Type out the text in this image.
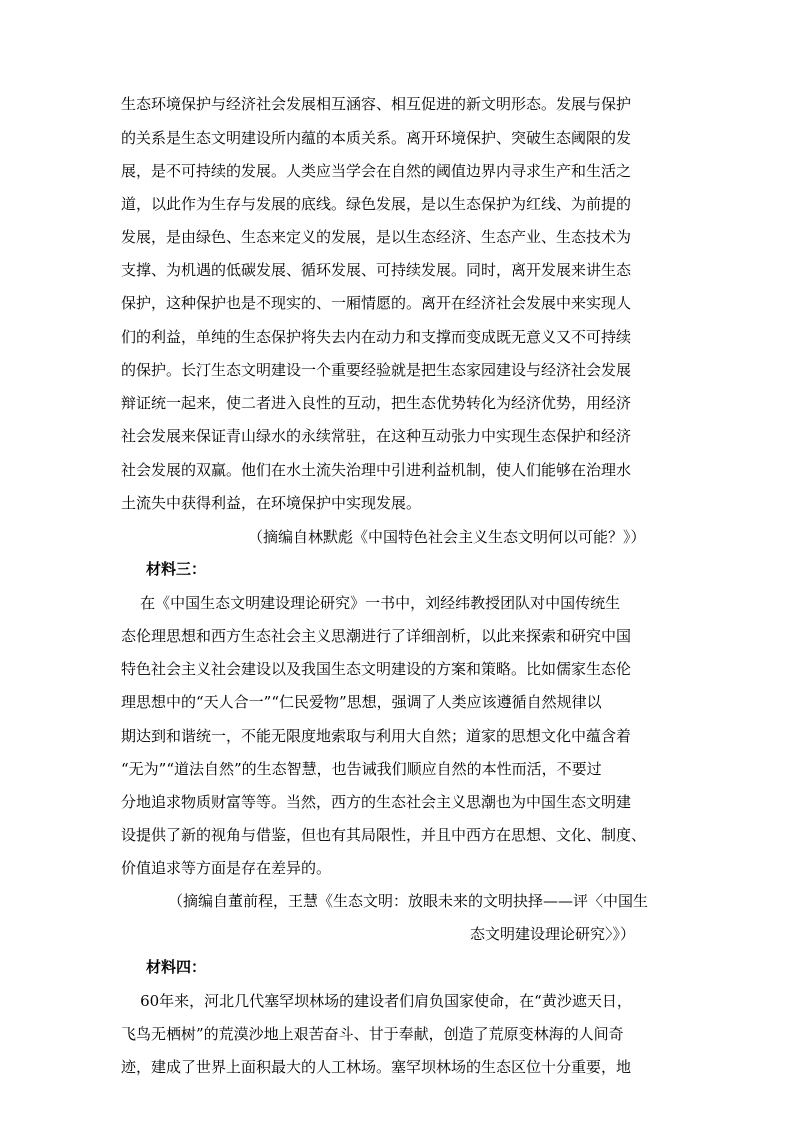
生态环境保护与经济社会发展相互涵容、相互促进的新文明形态。发展与保护
的关系是生态文明建设所内蕴的本质关系。离开环境保护、突破生态阈限的发
展，是不可持续的发展。人类应当学会在自然的阈值边界内寻求生产和生活之
道，以此作为生存与发展的底线。绿色发展，是以生态保护为红线、为前提的
发展，是由绿色、生态来定义的发展，是以生态经济、生态产业、生态技术为
支撑、为机遇的低碳发展、循环发展、可持续发展。同时，离开发展来讲生态
保护，这种保护也是不现实的、一厢情愿的。离开在经济社会发展中来实现人
们的利益，单纯的生态保护将失去内在动力和支撑而变成既无意义又不可持续
的保护。长汀生态文明建设一个重要经验就是把生态家园建设与经济社会发展
辩证统一起来，使二者进入良性的互动，把生态优势转化为经济优势，用经济
社会发展来保证青山绿水的永续常驻，在这种互动张力中实现生态保护和经济
社会发展的双赢。他们在水土流失治理中引进利益机制，使人们能够在治理水
土流失中获得利益，在环境保护中实现发展。
（摘编自林默彪《中国特色社会主义生态文明何以可能？》）
材料三：
在《中国生态文明建设理论研究》一书中，刘经纬教授团队对中国传统生
态伦理思想和西方生态社会主义思潮进行了详细剖析，以此来探索和研究中国
特色社会主义社会建设以及我国生态文明建设的方案和策略。比如儒家生态伦
理思想中的“天人合一”“仁民爱物”思想，强调了人类应该遵循自然规律以
期达到和谐统一，不能无限度地索取与利用大自然；道家的思想文化中蕴含着
“无为”“道法自然”的生态智慧，也告诫我们顺应自然的本性而活，不要过
分地追求物质财富等等。当然，西方的生态社会主义思潮也为中国生态文明建
设提供了新的视角与借鉴，但也有其局限性，并且中西方在思想、文化、制度、
价值追求等方面是存在差异的。
（摘编自董前程，王慧《生态文明：放眼未来的文明抉择——评〈中国生
态文明建设理论研究〉》）
材料四：
60年来，河北几代塞罕坝林场的建设者们肩负国家使命，在“黄沙遮天日，
飞鸟无栖树”的荒漠沙地上艰苦奋斗、甘于奉献，创造了荒原变林海的人间奇
迹，建成了世界上面积最大的人工林场。塞罕坝林场的生态区位十分重要，地
